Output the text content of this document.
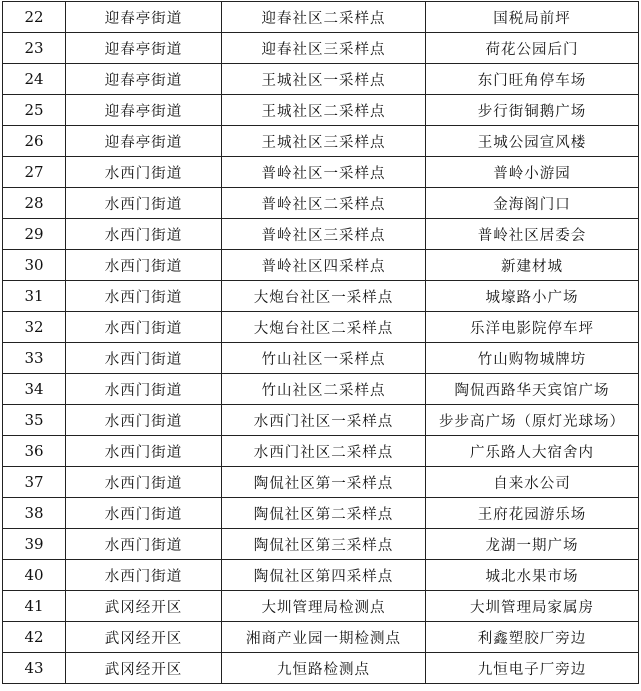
22	迎春亭街道	迎春社区二采样点	国税局前坪
23	迎春亭街道	迎春社区三采样点	荷花公园后门
24	迎春亭街道	王城社区一采样点	东门旺角停车场
25	迎春亭街道	王城社区二采样点	步行街铜鹅广场
26	迎春亭街道	王城社区三采样点	王城公园宣风楼
27	水西门街道	普岭社区一采样点	普岭小游园
28	水西门街道	普岭社区二采样点	金海阁门口
29	水西门街道	普岭社区三采样点	普岭社区居委会
30	水西门街道	普岭社区四采样点	新建材城
31	水西门街道	大炮台社区一采样点	城壕路小广场
32	水西门街道	大炮台社区二采样点	乐洋电影院停车坪
33	水西门街道	竹山社区一采样点	竹山购物城牌坊
34	水西门街道	竹山社区二采样点	陶侃西路华天宾馆广场
35	水西门街道	水西门社区一采样点	步步高广场（原灯光球场）
36	水西门街道	水西门社区二采样点	广乐路人大宿舍内
37	水西门街道	陶侃社区第一采样点	自来水公司
38	水西门街道	陶侃社区第二采样点	王府花园游乐场
39	水西门街道	陶侃社区第三采样点	龙湖一期广场
40	水西门街道	陶侃社区第四采样点	城北水果市场
41	武冈经开区	大圳管理局检测点	大圳管理局家属房
42	武冈经开区	湘商产业园一期检测点	利鑫塑胶厂旁边
43	武冈经开区	九恒路检测点	九恒电子厂旁边
